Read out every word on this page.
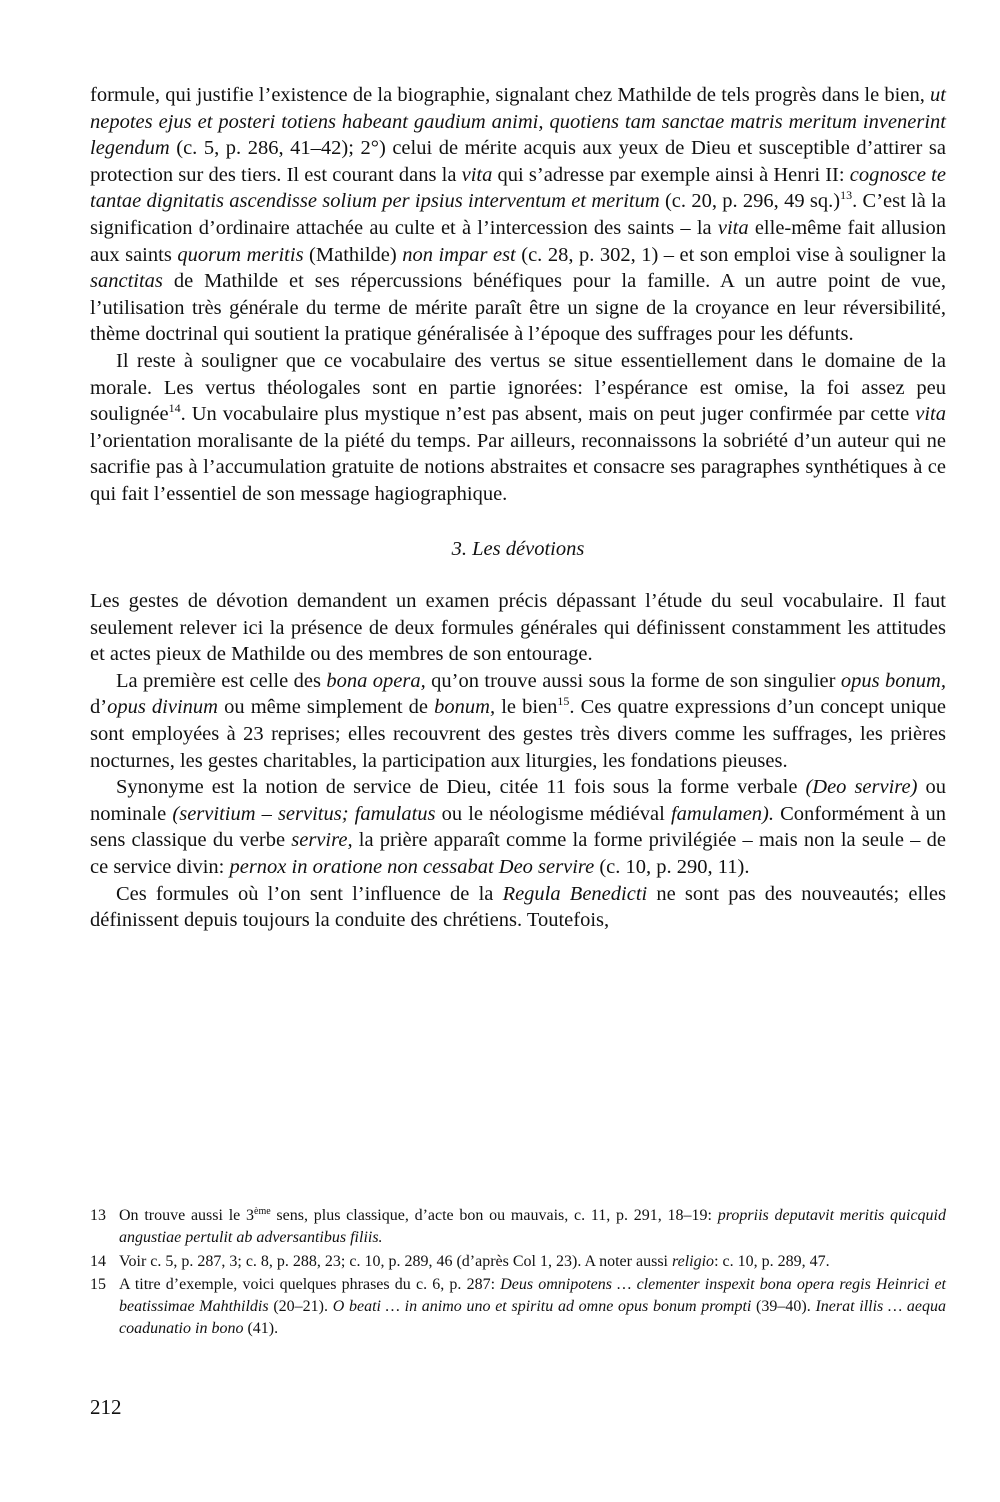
formule, qui justifie l’existence de la biographie, signalant chez Mathilde de tels progrès dans le bien, ut nepotes ejus et posteri totiens habeant gaudium animi, quotiens tam sanctae matris meritum invenerint legendum (c. 5, p. 286, 41–42); 2°) celui de mérite acquis aux yeux de Dieu et susceptible d’attirer sa protection sur des tiers. Il est courant dans la vita qui s’adresse par exemple ainsi à Henri II: cognosce te tantae dignitatis ascendisse solium per ipsius interventum et meritum (c. 20, p. 296, 49 sq.)$^{13}$. C’est là la signification d’ordinaire attachée au culte et à l’intercession des saints – la vita elle-même fait allusion aux saints quorum meritis (Mathilde) non impar est (c. 28, p. 302, 1) – et son emploi vise à souligner la sanctitas de Mathilde et ses répercussions bénéfiques pour la famille. A un autre point de vue, l’utilisation très générale du terme de mérite paraît être un signe de la croyance en leur réversibilité, thème doctrinal qui soutient la pratique généralisée à l’époque des suffrages pour les défunts.

Il reste à souligner que ce vocabulaire des vertus se situe essentiellement dans le domaine de la morale. Les vertus théologales sont en partie ignorées: l’espérance est omise, la foi assez peu soulignée$^{14}$. Un vocabulaire plus mystique n’est pas absent, mais on peut juger confirmée par cette vita l’orientation moralisante de la piété du temps. Par ailleurs, reconnaissons la sobriété d’un auteur qui ne sacrifie pas à l’accumulation gratuite de notions abstraites et consacre ses paragraphes synthétiques à ce qui fait l’essentiel de son message hagiographique.

3. Les dévotions

Les gestes de dévotion demandent un examen précis dépassant l’étude du seul vocabulaire. Il faut seulement relever ici la présence de deux formules générales qui définissent constamment les attitudes et actes pieux de Mathilde ou des membres de son entourage.

La première est celle des bona opera, qu’on trouve aussi sous la forme de son singulier opus bonum, d’opus divinum ou même simplement de bonum, le bien$^{15}$. Ces quatre expressions d’un concept unique sont employées à 23 reprises; elles recouvrent des gestes très divers comme les suffrages, les prières nocturnes, les gestes charitables, la participation aux liturgies, les fondations pieuses.

Synonyme est la notion de service de Dieu, citée 11 fois sous la forme verbale (Deo servire) ou nominale (servitium – servitus; famulatus ou le néologisme médiéval famulamen). Conformément à un sens classique du verbe servire, la prière apparaît comme la forme privilégiée – mais non la seule – de ce service divin: pernox in oratione non cessabat Deo servire (c. 10, p. 290, 11).

Ces formules où l’on sent l’influence de la Regula Benedicti ne sont pas des nouveautés; elles définissent depuis toujours la conduite des chrétiens. Toutefois,

13 On trouve aussi le 3ème sens, plus classique, d’acte bon ou mauvais, c. 11, p. 291, 18–19: propriis deputavit meritis quicquid angustiae pertulit ab adversantibus filiis.
14 Voir c. 5, p. 287, 3; c. 8, p. 288, 23; c. 10, p. 289, 46 (d’après Col 1, 23). A noter aussi religio: c. 10, p. 289, 47.
15 A titre d’exemple, voici quelques phrases du c. 6, p. 287: Deus omnipotens … clementer inspexit bona opera regis Heinrici et beatissimae Mahthildis (20–21). O beati … in animo uno et spiritu ad omne opus bonum prompti (39–40). Inerat illis … aequa coadunatio in bono (41).
212
